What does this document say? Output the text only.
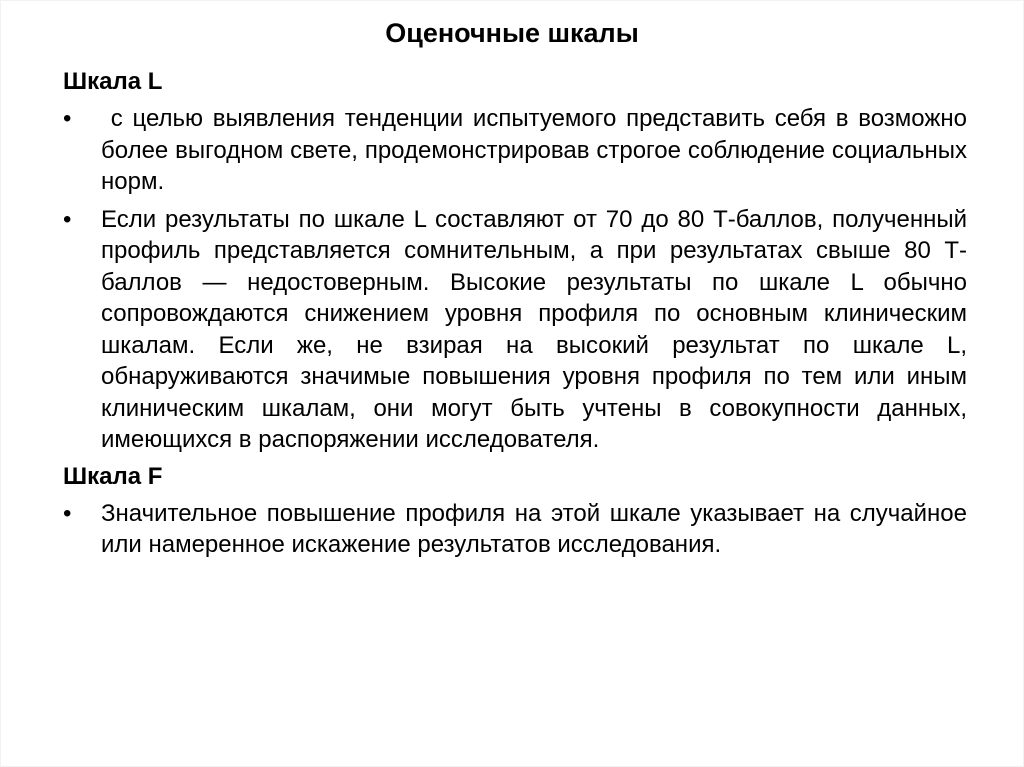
Оценочные шкалы
Шкала L
•	с целью выявления тенденции испытуемого представить себя в возможно более выгодном свете, продемонстрировав строгое соблюдение социальных норм.
•	Если результаты по шкале L составляют от 70 до 80 Т-баллов, полученный профиль представляется сомнительным, а при результатах свыше 80 Т-баллов — недостоверным. Высокие результаты по шкале L обычно сопровождаются снижением уровня профиля по основным клиническим шкалам. Если же, не взирая на высокий результат по шкале L, обнаруживаются значимые повышения уровня профиля по тем или иным клиническим шкалам, они могут быть учтены в совокупности данных, имеющихся в распоряжении исследователя.
Шкала F
•	Значительное повышение профиля на этой шкале указывает на случайное или намеренное искажение результатов исследования.
